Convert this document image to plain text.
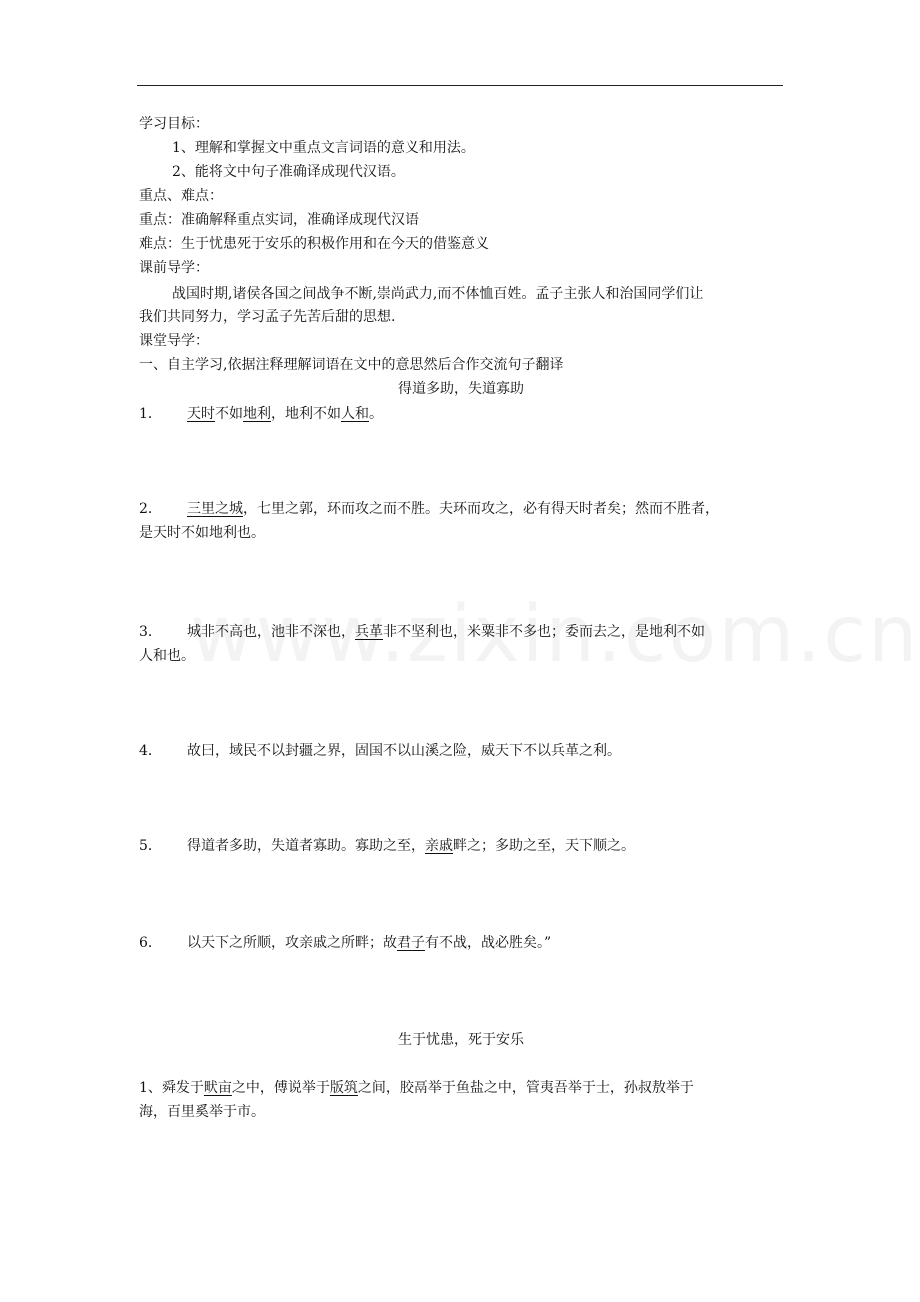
学习目标：
1、理解和掌握文中重点文言词语的意义和用法。
2、能将文中句子准确译成现代汉语。
重点、难点：
重点：准确解释重点实词，准确译成现代汉语
难点：生于忧患死于安乐的积极作用和在今天的借鉴意义
课前导学：
战国时期,诸侯各国之间战争不断,崇尚武力,而不体恤百姓。孟子主张人和治国同学们让
我们共同努力，学习孟子先苦后甜的思想.
课堂导学：
一、自主学习,依据注释理解词语在文中的意思然后合作交流句子翻译
得道多助，失道寡助
1． 天时不如地利，地利不如人和。
2． 三里之城，七里之郭，环而攻之而不胜。夫环而攻之，必有得天时者矣；然而不胜者，
是天时不如地利也。
3． 城非不高也，池非不深也，兵革非不坚利也，米粟非不多也；委而去之，是地利不如
人和也。
4． 故曰，域民不以封疆之界，固国不以山溪之险，威天下不以兵革之利。
5． 得道者多助，失道者寡助。寡助之至，亲戚畔之；多助之至，天下顺之。
6． 以天下之所顺，攻亲戚之所畔；故君子有不战，战必胜矣。”
生于忧患，死于安乐
1、舜发于畎亩之中，傅说举于版筑之间，胶鬲举于鱼盐之中，管夷吾举于士，孙叔敖举于
海，百里奚举于市。
